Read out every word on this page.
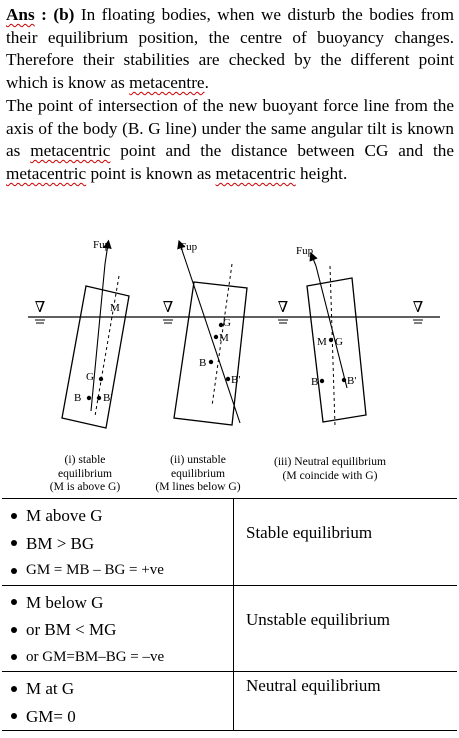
Ans : (b) In floating bodies, when we disturb the bodies from their equilibrium position, the centre of buoyancy changes. Therefore their stabilities are checked by the different point which is know as metacentre.

The point of intersection of the new buoyant force line from the axis of the body (B. G line) under the same angular tilt is known as metacentric point and the distance between CG and the metacentric point is known as metacentric height.

∇	∇	∇	∇
Fup
M
G
B B'
Fup
G
M
B
B'
Fup
M G
B	B'
(i) stable
equilibrium
(M is above G)
(ii) unstable
equilibrium
(M lines below G)
(iii) Neutral equilibrium
(M coincide with G)
M above G
BM > BG
GM = MB – BG = +ve	Stable equilibrium

M below G
or BM < MG
or GM=BM–BG = –ve	Unstable equilibrium

M at G
GM= 0	Neutral equilibrium
